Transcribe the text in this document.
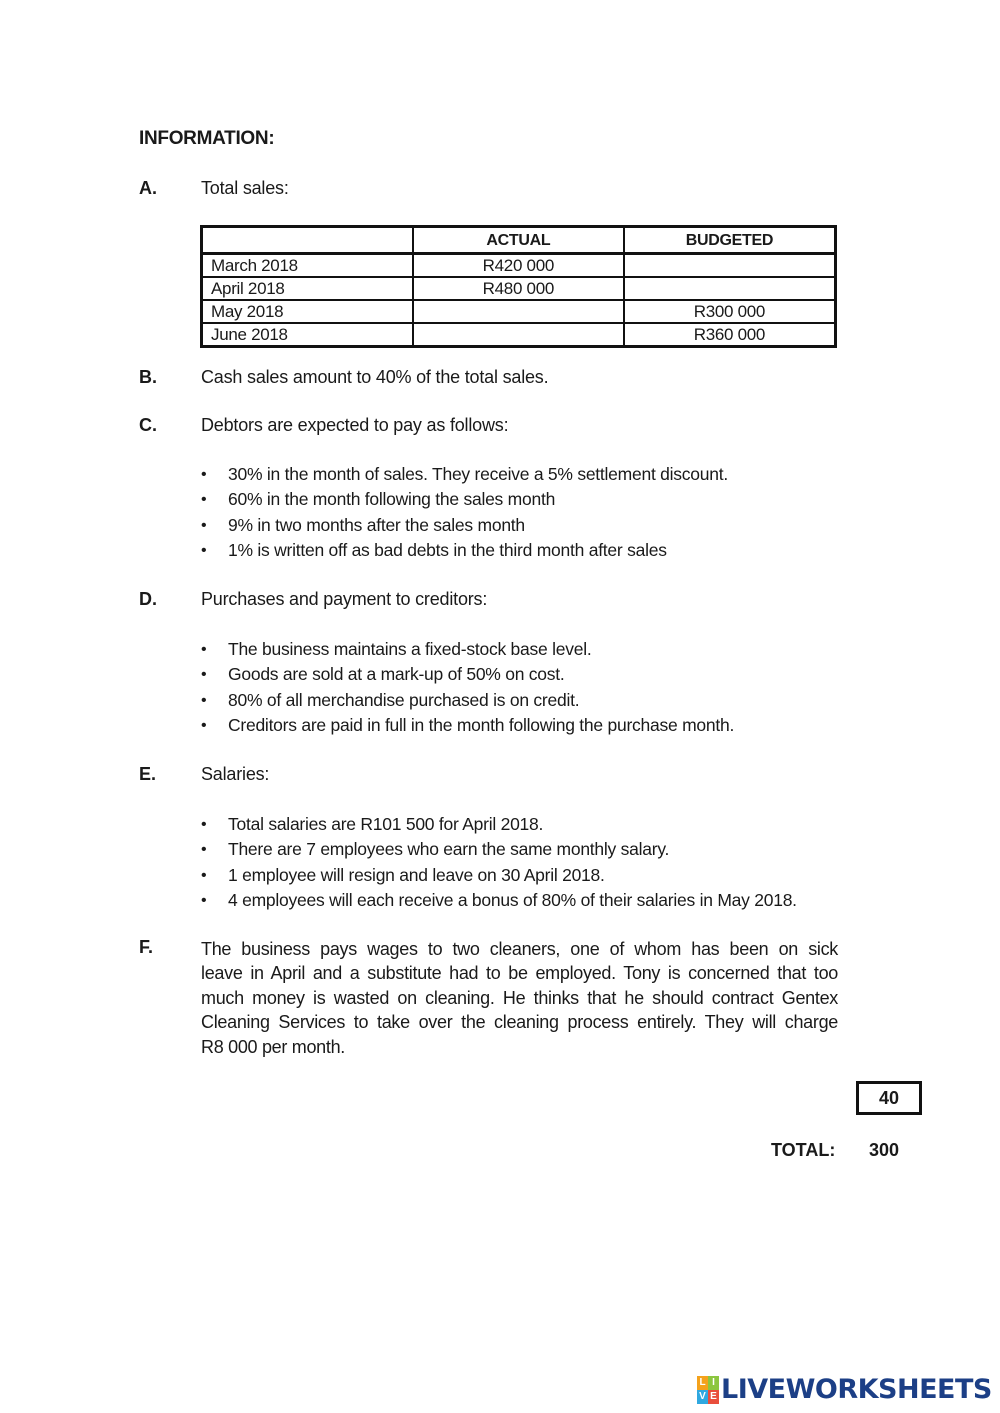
INFORMATION:
A. Total sales:
	ACTUAL	BUDGETED
March 2018	R420 000	
April 2018	R480 000	
May 2018		R300 000
June 2018		R360 000
B. Cash sales amount to 40% of the total sales.
C. Debtors are expected to pay as follows:
• 30% in the month of sales. They receive a 5% settlement discount.
• 60% in the month following the sales month
• 9% in two months after the sales month
• 1% is written off as bad debts in the third month after sales
D. Purchases and payment to creditors:
• The business maintains a fixed-stock base level.
• Goods are sold at a mark-up of 50% on cost.
• 80% of all merchandise purchased is on credit.
• Creditors are paid in full in the month following the purchase month.
E. Salaries:
• Total salaries are R101 500 for April 2018.
• There are 7 employees who earn the same monthly salary.
• 1 employee will resign and leave on 30 April 2018.
• 4 employees will each receive a bonus of 80% of their salaries in May 2018.
F.	The business pays wages to two cleaners, one of whom has been on sick
leave in April and a substitute had to be employed. Tony is concerned that too
much money is wasted on cleaning. He thinks that he should contract Gentex
Cleaning Services to take over the cleaning process entirely. They will charge
R8 000 per month.
40
TOTAL: 300
L I
V E LIVEWORKSHEETS
